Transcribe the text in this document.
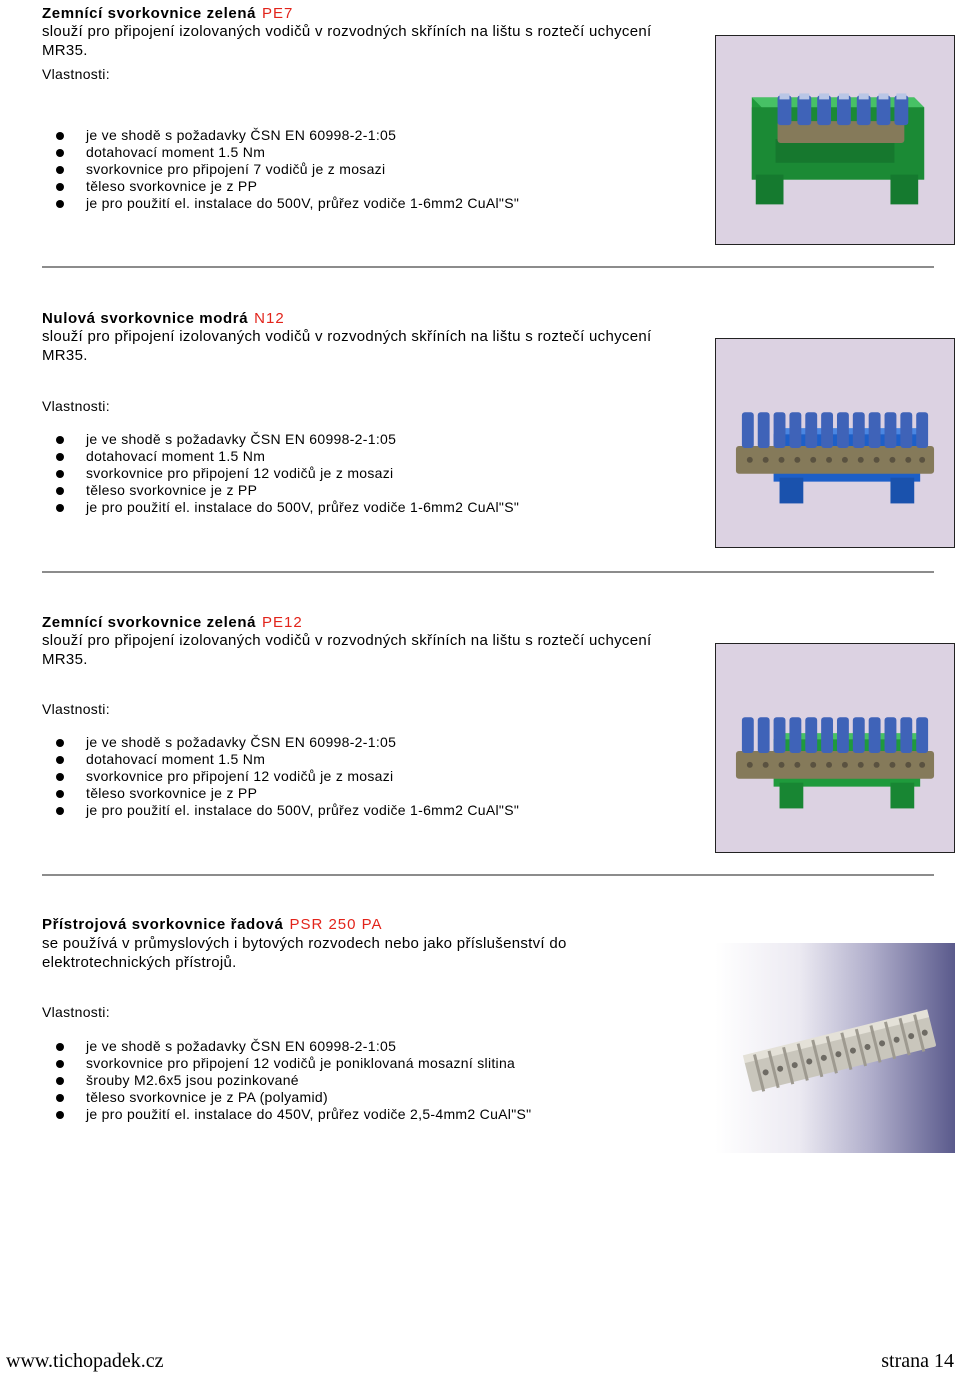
Zemnící svorkovnice zelená PE7
slouží pro připojení izolovaných vodičů v rozvodných skříních na lištu s roztečí uchycení MR35.
Vlastnosti:
je ve shodě s požadavky ČSN EN 60998-2-1:05
dotahovací moment 1.5 Nm
svorkovnice pro připojení 7 vodičů je z mosazi
těleso svorkovnice je z PP
je pro použití el. instalace do 500V, průřez vodiče 1-6mm2 CuAl"S"
Nulová svorkovnice modrá N12
slouží pro připojení izolovaných vodičů v rozvodných skříních na lištu s roztečí uchycení MR35.
Vlastnosti:
je ve shodě s požadavky ČSN EN 60998-2-1:05
dotahovací moment 1.5 Nm
svorkovnice pro připojení 12 vodičů je z mosazi
těleso svorkovnice je z PP
je pro použití el. instalace do 500V, průřez vodiče 1-6mm2 CuAl"S"
Zemnící svorkovnice zelená PE12
slouží pro připojení izolovaných vodičů v rozvodných skříních na lištu s roztečí uchycení MR35.
Vlastnosti:
je ve shodě s požadavky ČSN EN 60998-2-1:05
dotahovací moment 1.5 Nm
svorkovnice pro připojení 12 vodičů je z mosazi
těleso svorkovnice je z PP
je pro použití el. instalace do 500V, průřez vodiče 1-6mm2 CuAl"S"
Přístrojová svorkovnice řadová PSR 250 PA
se používá v průmyslových i bytových rozvodech nebo jako příslušenství do elektrotechnických přístrojů.
Vlastnosti:
je ve shodě s požadavky ČSN EN 60998-2-1:05
svorkovnice pro připojení 12 vodičů je poniklovaná mosazní slitina
šrouby M2.6x5 jsou pozinkované
těleso svorkovnice je z PA (polyamid)
je pro použití el. instalace do 450V, průřez vodiče 2,5-4mm2 CuAl"S"
www.tichopadek.cz	strana 14
